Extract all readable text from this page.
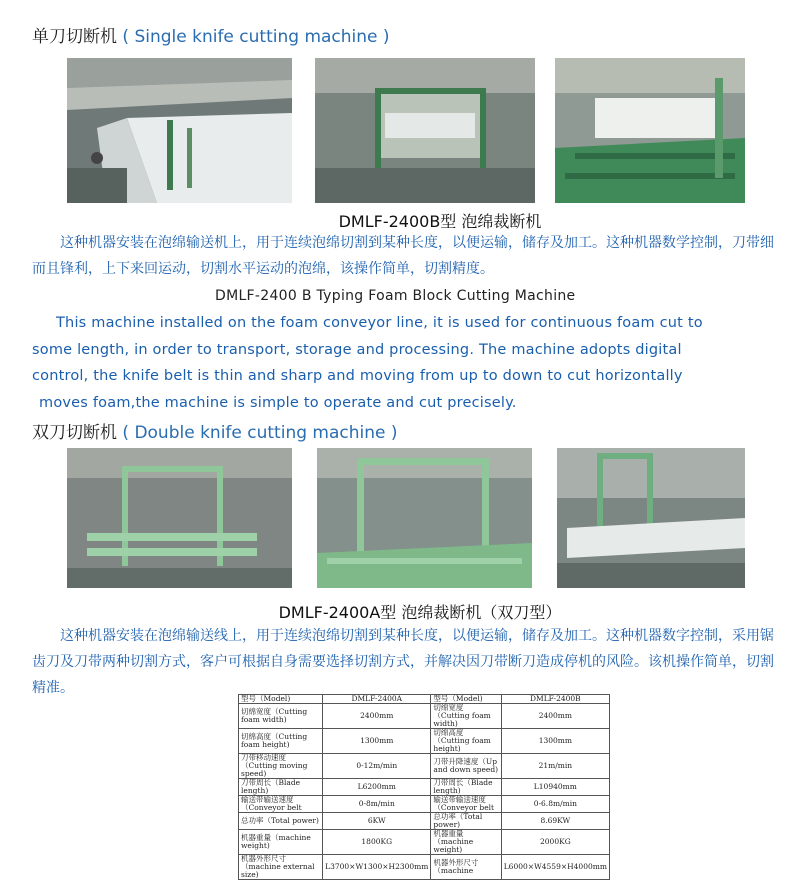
单刀切断机 ( Single knife cutting machine )
DMLF-2400B型 泡绵裁断机
这种机器安装在泡绵输送机上，用于连续泡绵切割到某种长度，以便运输，储存及加工。这种机器数学控制，刀带细而且锋利，上下来回运动，切割水平运动的泡绵，该操作简单，切割精度。
DMLF-2400 B Typing Foam Block Cutting Machine
This machine installed on the foam conveyor line, it is used for continuous foam cut to
some length, in order to transport, storage and processing. The machine adopts digital
control, the knife belt is thin and sharp and moving from up to down to cut horizontally
moves foam,the machine is simple to operate and cut precisely.
双刀切断机 ( Double knife cutting machine )
DMLF-2400A型 泡绵裁断机（双刀型）
这种机器安装在泡绵输送线上，用于连续泡绵切割到某种长度，以便运输，储存及加工。这种机器数字控制，采用锯齿刀及刀带两种切割方式，客户可根据自身需要选择切割方式，并解决因刀带断刀造成停机的风险。该机操作简单，切割精准。
型号（Model)	DMLF-2400A	型号（Model)	DMLF-2400B
切绵宽度（Cutting foam width)	2400mm	切绵宽度（Cutting foam width)	2400mm
切绵高度（Cutting foam height)	1300mm	切绵高度（Cutting foam height)	1300mm
刀带移动速度（Cutting moving speed)	0-12m/min	刀带升降速度（Up and down speed)	21m/min
刀带周长（Blade length)	L6200mm	刀带周长（Blade length)	L10940mm
输送带输送速度（Conveyor belt	0-8m/min	输送带输送速度（Conveyor belt	0-6.8m/min
总功率（Total power)	6KW	总功率（Total power)	8.69KW
机器重量（machine weight)	1800KG	机器重量（machine weight)	2000KG
机器外形尺寸（machine external size)	L3700×W1300×H2300mm	机器外形尺寸（machine	L6000×W4559×H4000mm
